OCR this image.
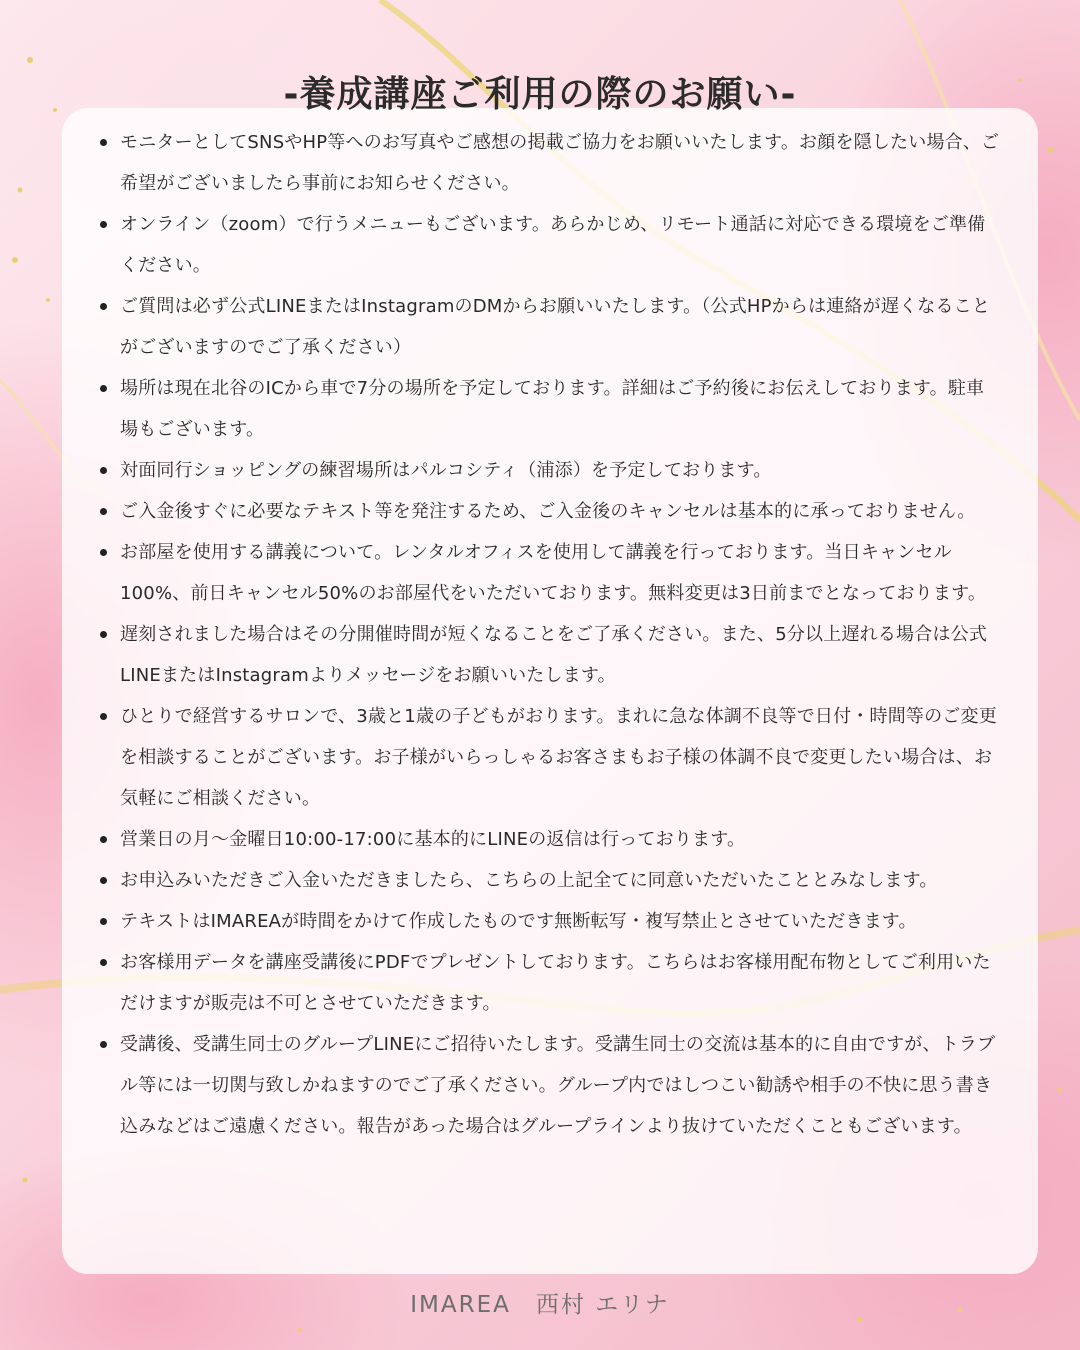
-養成講座ご利用の際のお願い-
モニターとしてSNSやHP等へのお写真やご感想の掲載ご協力をお願いいたします。お顔を隠したい場合、ご希望がございましたら事前にお知らせください。
オンライン（zoom）で行うメニューもございます。あらかじめ、リモート通話に対応できる環境をご準備ください。
ご質問は必ず公式LINEまたはInstagramのDMからお願いいたします。（公式HPからは連絡が遅くなることがございますのでご了承ください）
場所は現在北谷のICから車で7分の場所を予定しております。詳細はご予約後にお伝えしております。駐車場もございます。
対面同行ショッピングの練習場所はパルコシティ（浦添）を予定しております。
ご入金後すぐに必要なテキスト等を発注するため、ご入金後のキャンセルは基本的に承っておりません。
お部屋を使用する講義について。レンタルオフィスを使用して講義を行っております。当日キャンセル100%、前日キャンセル50%のお部屋代をいただいております。無料変更は3日前までとなっております。
遅刻されました場合はその分開催時間が短くなることをご了承ください。また、5分以上遅れる場合は公式LINEまたはInstagramよりメッセージをお願いいたします。
ひとりで経営するサロンで、3歳と1歳の子どもがおります。まれに急な体調不良等で日付・時間等のご変更を相談することがございます。お子様がいらっしゃるお客さまもお子様の体調不良で変更したい場合は、お気軽にご相談ください。
営業日の月〜金曜日10:00-17:00に基本的にLINEの返信は行っております。
お申込みいただきご入金いただきましたら、こちらの上記全てに同意いただいたこととみなします。
テキストはIMAREAが時間をかけて作成したものです無断転写・複写禁止とさせていただきます。
お客様用データを講座受講後にPDFでプレゼントしております。こちらはお客様用配布物としてご利用いただけますが販売は不可とさせていただきます。
受講後、受講生同士のグループLINEにご招待いたします。受講生同士の交流は基本的に自由ですが、トラブル等には一切関与致しかねますのでご了承ください。グループ内ではしつこい勧誘や相手の不快に思う書き込みなどはご遠慮ください。報告があった場合はグループラインより抜けていただくこともございます。
IMAREA　西村 エリナ
